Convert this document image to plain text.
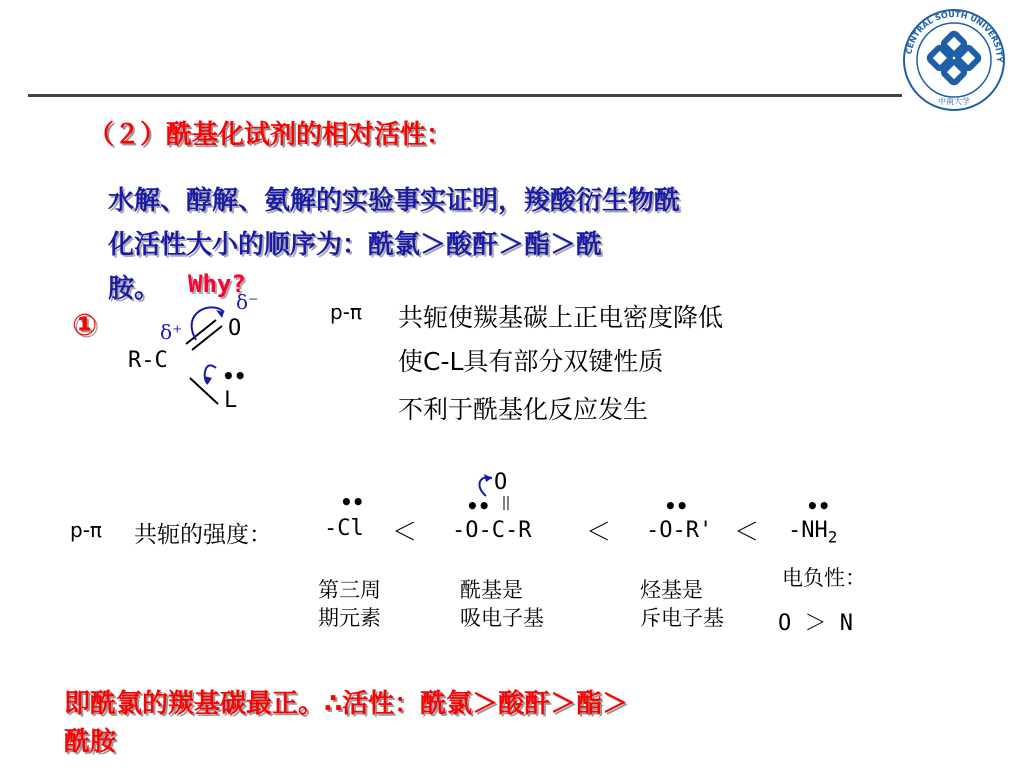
CENTRAL SOUTH UNIVERSITY
中南大学
（２）酰基化试剂的相对活性：
水解、醇解、氨解的实验事实证明，羧酸衍生物酰
化活性大小的顺序为：酰氯＞酸酐＞酯＞酰
胺。 Why?
①
R-C
O
L
δ⁺
δ⁻
••
p-π 共轭使羰基碳上正电密度降低
使C-L具有部分双键性质
不利于酰基化反应发生
p-π 共轭的强度：
••
-Cl ＜
O
••
-O-C-R ＜
••
-O-R' ＜
••
$-NH_2$
第三周
期元素
酰基是
吸电子基
烃基是
斥电子基
电负性：
O ＞ N
即酰氯的羰基碳最正。∴活性：酰氯＞酸酐＞酯＞
酰胺
